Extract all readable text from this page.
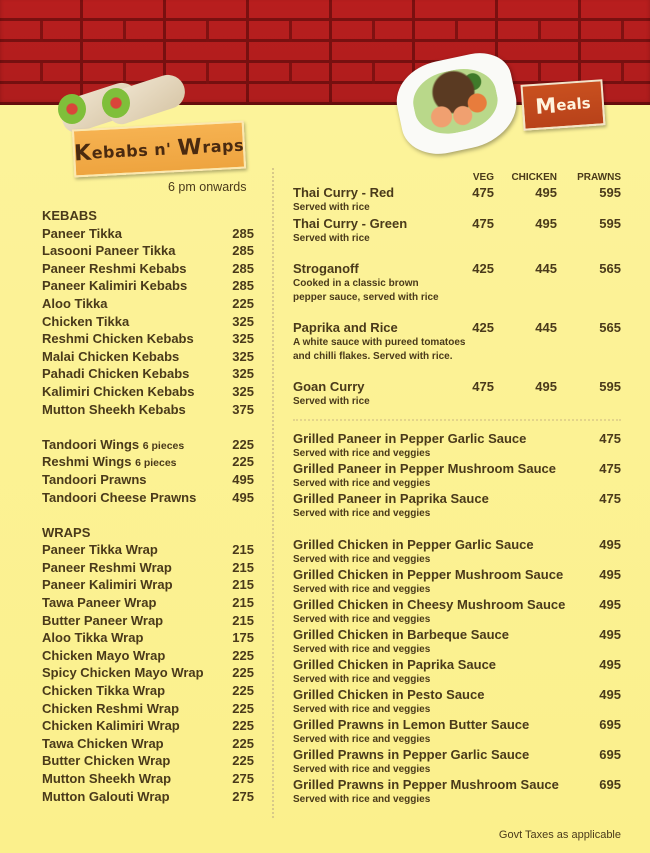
K
ebabs n'
W
raps
M
eals
6 pm onwards
KEBABS
Paneer Tikka	285
Lasooni Paneer Tikka	285
Paneer Reshmi Kebabs	285
Paneer Kalimiri Kebabs	285
Aloo Tikka	225
Chicken Tikka	325
Reshmi Chicken Kebabs	325
Malai Chicken Kebabs	325
Pahadi Chicken Kebabs	325
Kalimiri Chicken Kebabs	325
Mutton Sheekh Kebabs	375
Tandoori Wings 6 pieces	225
Reshmi Wings 6 pieces	225
Tandoori Prawns	495
Tandoori Cheese Prawns	495
WRAPS
Paneer Tikka Wrap	215
Paneer Reshmi Wrap	215
Paneer Kalimiri Wrap	215
Tawa Paneer Wrap	215
Butter Paneer Wrap	215
Aloo Tikka Wrap	175
Chicken Mayo Wrap	225
Spicy Chicken Mayo Wrap 225
Chicken Tikka Wrap	225
Chicken Reshmi Wrap	225
Chicken Kalimiri Wrap	225
Tawa Chicken Wrap	225
Butter Chicken Wrap	225
Mutton Sheekh Wrap	275
Mutton Galouti Wrap	275
VEG CHICKEN PRAWNS
Thai Curry - Red	475	495	595
Served with rice
Thai Curry - Green	475	495	595
Served with rice
Stroganoff	425	445	565
Cooked in a classic brown
pepper sauce, served with rice
Paprika and Rice	425	445	565
A white sauce with pureed tomatoes
and chilli flakes. Served with rice.
Goan Curry	475	495	595
Served with rice
Grilled Paneer in Pepper Garlic Sauce	475
Served with rice and veggies
Grilled Paneer in Pepper Mushroom Sauce	475
Served with rice and veggies
Grilled Paneer in Paprika Sauce	475
Served with rice and veggies
Grilled Chicken in Pepper Garlic Sauce	495
Served with rice and veggies
Grilled Chicken in Pepper Mushroom Sauce	495
Served with rice and veggies
Grilled Chicken in Cheesy Mushroom Sauce	495
Served with rice and veggies
Grilled Chicken in Barbeque Sauce	495
Served with rice and veggies
Grilled Chicken in Paprika Sauce	495
Served with rice and veggies
Grilled Chicken in Pesto Sauce	495
Served with rice and veggies
Grilled Prawns in Lemon Butter Sauce	695
Served with rice and veggies
Grilled Prawns in Pepper Garlic Sauce	695
Served with rice and veggies
Grilled Prawns in Pepper Mushroom Sauce	695
Served with rice and veggies
Govt Taxes as applicable
